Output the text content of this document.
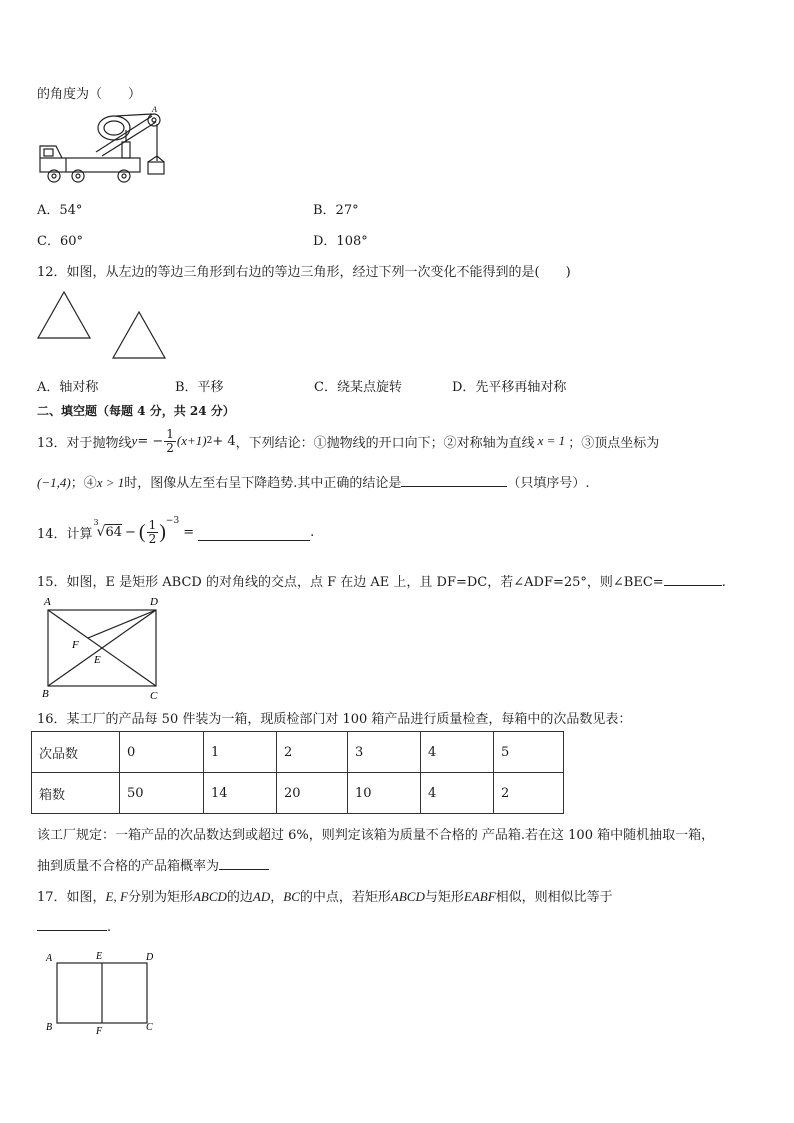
的角度为（　　）
A
A．54°	B．27°
C．60°	D．108°
12．如图，从左边的等边三角形到右边的等边三角形，经过下列一次变化不能得到的是(　　)
A．轴对称	B．平移	C．绕某点旋转	D．先平移再轴对称
二、填空题（每题 4 分，共 24 分）
13．对于抛物线 y = − $\frac{1}{2} (x+1) 2 + 4$ ，下列结论：①抛物线的开口向下；②对称轴为直线 x = 1 ；③顶点坐标为
(−1,4)；④x > 1时，图像从左至右呈下降趋势.其中正确的结论是	（只填序号）.
14．计算
3
√64 − ( $\frac{1}{2} )^{-3}$
=	.
15．如图，E 是矩形 ABCD 的对角线的交点，点 F 在边 AE 上，且 DF=DC，若∠ADF=25°，则∠BEC=	.
A	D
B	C
F
E
16．某工厂的产品每 50 件装为一箱，现质检部门对 100 箱产品进行质量检查，每箱中的次品数见表：
次品数	0	1	2	3	4	5
箱数	50	14	20	10	4	2
该工厂规定：一箱产品的次品数达到或超过 6%，则判定该箱为质量不合格的 产品箱.若在这 100 箱中随机抽取一箱，
抽到质量不合格的产品箱概率为
17．如图，E, F分别为矩形ABCD的边AD，BC的中点，若矩形ABCD与矩形EABF相似，则相似比等于
.
A	E	D
B	F	C
